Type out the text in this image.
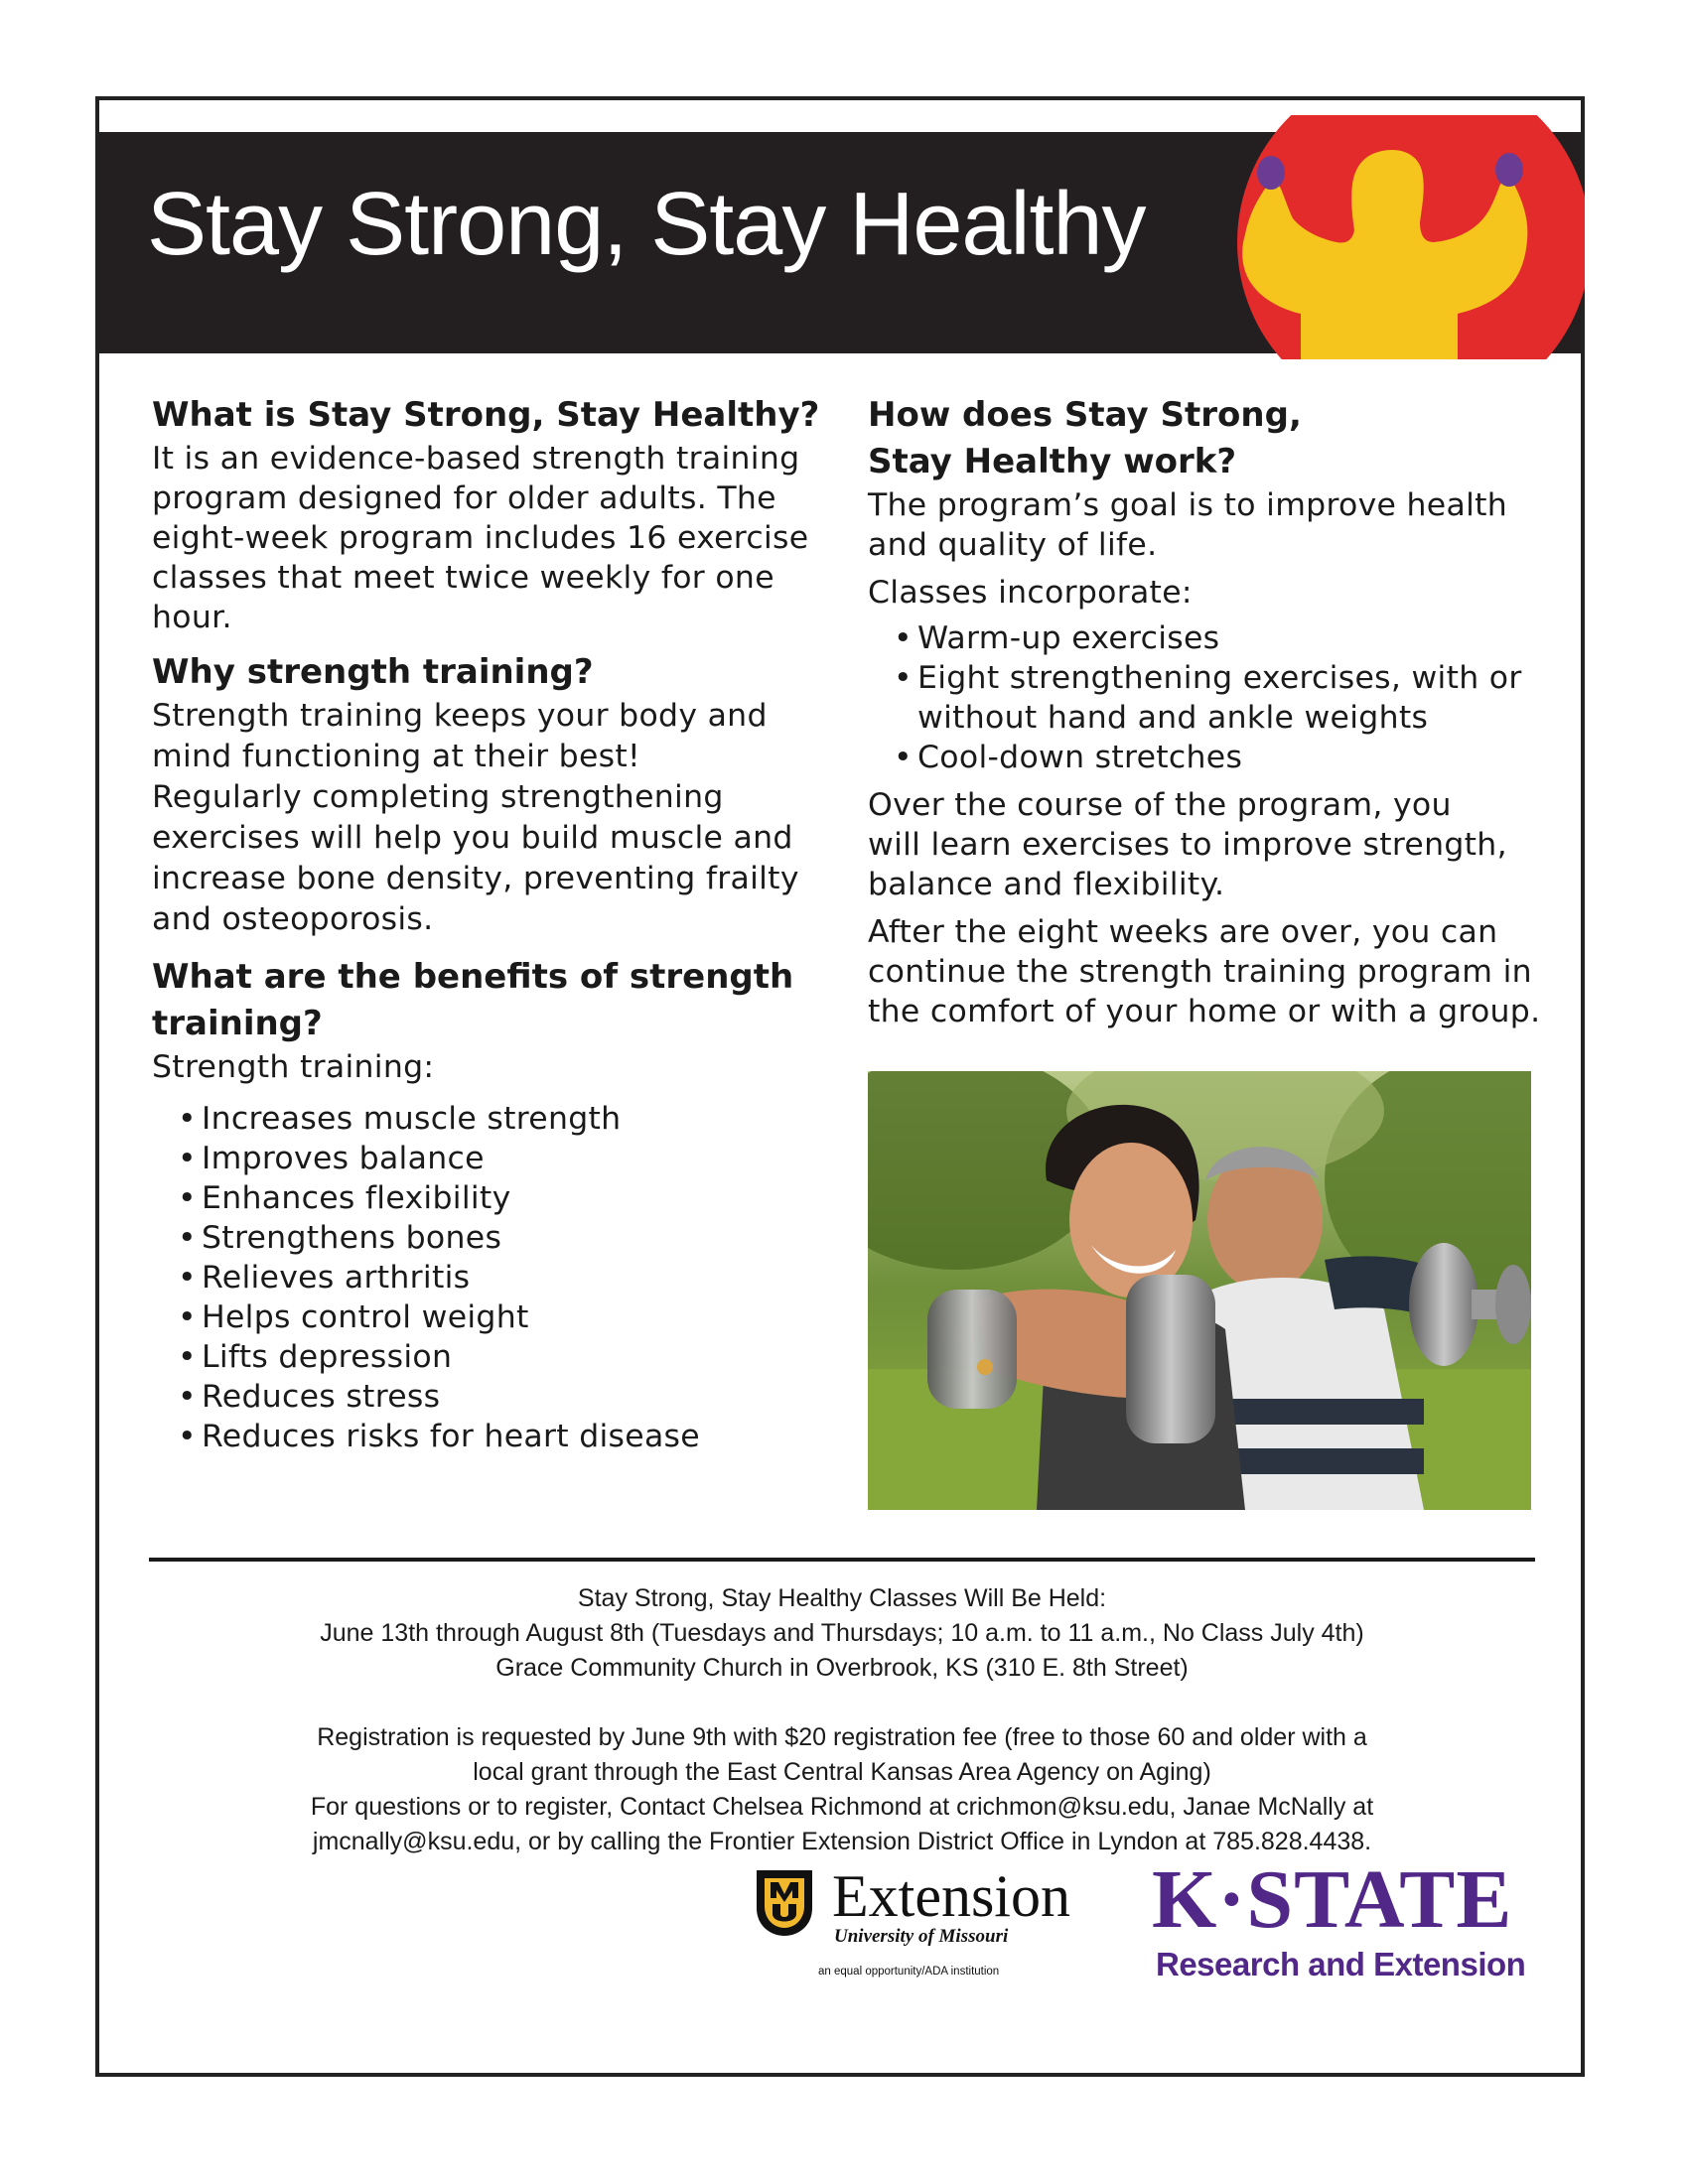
Stay Strong, Stay Healthy
What is Stay Strong, Stay Healthy?

It is an evidence-based strength training
program designed for older adults. The
eight-week program includes 16 exercise
classes that meet twice weekly for one
hour.

Why strength training?

Strength training keeps your body and
mind functioning at their best!
Regularly completing strengthening
exercises will help you build muscle and
increase bone density, preventing frailty
and osteoporosis.

What are the benefits of strength
training?

Strength training:

• Increases muscle strength
• Improves balance
• Enhances flexibility
• Strengthens bones
• Relieves arthritis
• Helps control weight
• Lifts depression
• Reduces stress
• Reduces risks for heart disease
How does Stay Strong,
Stay Healthy work?

The program’s goal is to improve health
and quality of life.

Classes incorporate:

• Warm-up exercises
• Eight strengthening exercises, with or
without hand and ankle weights
• Cool-down stretches

Over the course of the program, you
will learn exercises to improve strength,
balance and flexibility.

After the eight weeks are over, you can
continue the strength training program in
the comfort of your home or with a group.

Stay Strong, Stay Healthy Classes Will Be Held:
June 13th through August 8th (Tuesdays and Thursdays; 10 a.m. to 11 a.m., No Class July 4th)
Grace Community Church in Overbrook, KS (310 E. 8th Street)
Registration is requested by June 9th with $20 registration fee (free to those 60 and older with a
local grant through the East Central Kansas Area Agency on Aging)
For questions or to register, Contact Chelsea Richmond at crichmon@ksu.edu, Janae McNally at
jmcnally@ksu.edu, or by calling the Frontier Extension District Office in Lyndon at 785.828.4438.
Extension
University of Missouri
an equal opportunity/ADA institution
K·STATE
Research and Extension
